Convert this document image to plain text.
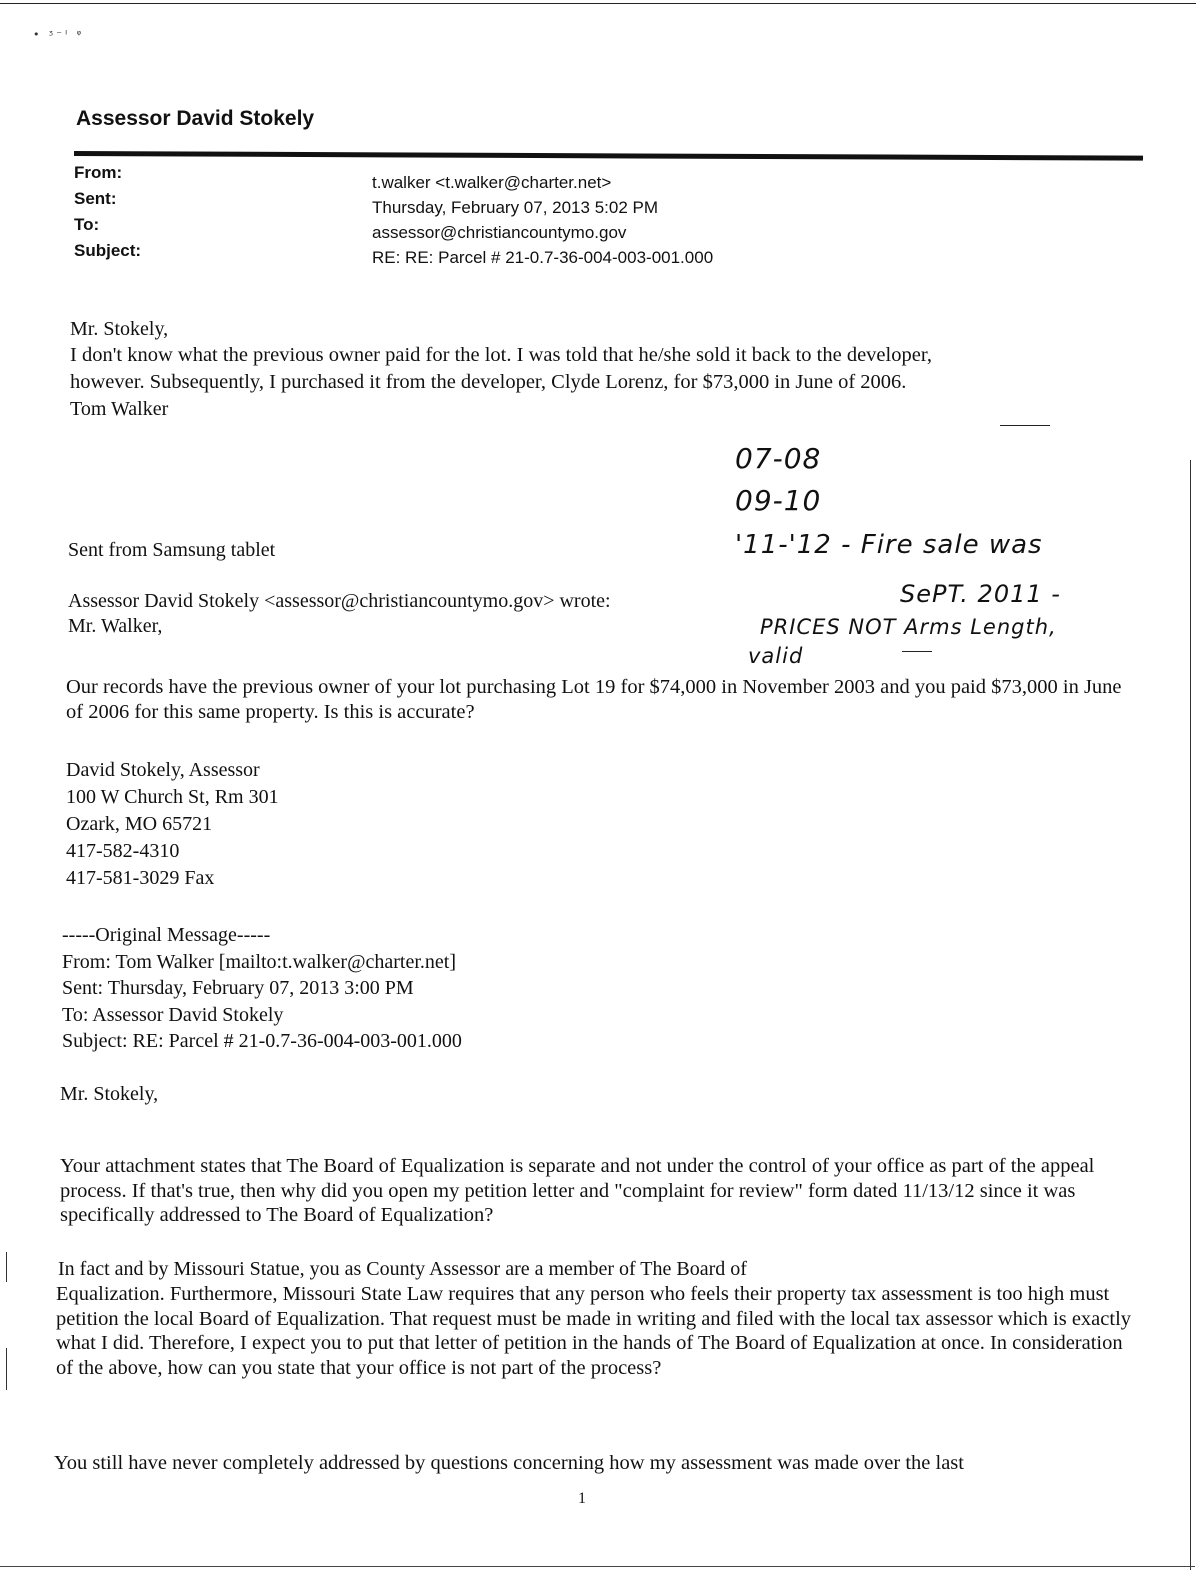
• ᶾ⁻ᴵ ᵠ
Assessor David Stokely
From:
Sent:
To:
Subject:
t.walker <t.walker@charter.net>
Thursday, February 07, 2013 5:02 PM
assessor@christiancountymo.gov
RE: RE: Parcel # 21-0.7-36-004-003-001.000
Mr. Stokely,
I don't know what the previous owner paid for the lot. I was told that he/she sold it back to the developer,
however. Subsequently, I purchased it from the developer, Clyde Lorenz, for $73,000 in June of 2006.
Tom Walker
Sent from Samsung tablet
Assessor David Stokely <assessor@christiancountymo.gov> wrote:
Mr. Walker,
Our records have the previous owner of your lot purchasing Lot 19 for $74,000 in November 2003 and you paid $73,000 in June of 2006 for this same property. Is this is accurate?
David Stokely, Assessor
100 W Church St, Rm 301
Ozark, MO 65721
417-582-4310
417-581-3029 Fax
-----Original Message-----
From: Tom Walker [mailto:t.walker@charter.net]
Sent: Thursday, February 07, 2013 3:00 PM
To: Assessor David Stokely
Subject: RE: Parcel # 21-0.7-36-004-003-001.000
Mr. Stokely,
Your attachment states that The Board of Equalization is separate and not under the control of your office as part of the appeal process. If that's true, then why did you open my petition letter and "complaint for review" form dated 11/13/12 since it was specifically addressed to The Board of Equalization?
In fact and by Missouri Statue, you as County Assessor are a member of The Board of
Equalization. Furthermore, Missouri State Law requires that any person who feels their property tax assessment is too high must petition the local Board of Equalization. That request must be made in writing and filed with the local tax assessor which is exactly what I did. Therefore, I expect you to put that letter of petition in the hands of The Board of Equalization at once. In consideration of the above, how can you state that your office is not part of the process?
You still have never completely addressed by questions concerning how my assessment was made over the last
07-08
09-10
'11-'12 - Fire sale was
SePT. 2011 -
PRICES NOT Arms Length,
valid
1
